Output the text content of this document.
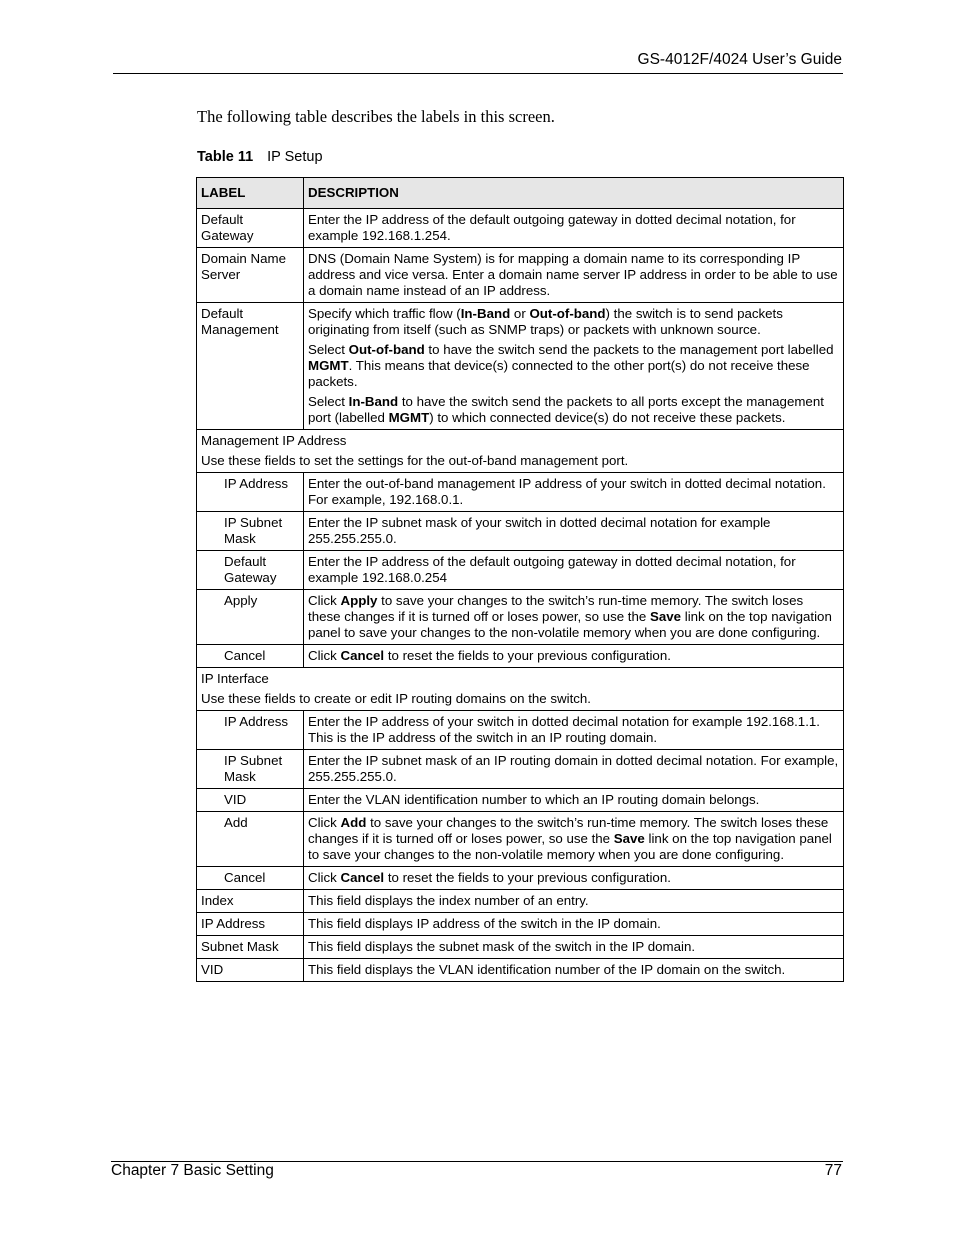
GS-4012F/4024 User’s Guide
The following table describes the labels in this screen.
Table 11 IP Setup
LABEL	DESCRIPTION
Default Gateway	Enter the IP address of the default outgoing gateway in dotted decimal notation, for example 192.168.1.254.
Domain Name Server	DNS (Domain Name System) is for mapping a domain name to its corresponding IP address and vice versa. Enter a domain name server IP address in order to be able to use a domain name instead of an IP address.
Default Management	Specify which traffic flow (In-Band or Out-of-band) the switch is to send packets originating from itself (such as SNMP traps) or packets with unknown source.

Select Out-of-band to have the switch send the packets to the management port labelled MGMT. This means that device(s) connected to the other port(s) do not receive these packets.

Select In-Band to have the switch send the packets to all ports except the management port (labelled MGMT) to which connected device(s) do not receive these packets.

Management IP Address

Use these fields to set the settings for the out-of-band management port.	

IP Address	Enter the out-of-band management IP address of your switch in dotted decimal notation. For example, 192.168.0.1.
IP Subnet Mask	Enter the IP subnet mask of your switch in dotted decimal notation for example 255.255.255.0.
Default Gateway	Enter the IP address of the default outgoing gateway in dotted decimal notation, for example 192.168.0.254
Apply	Click Apply to save your changes to the switch’s run-time memory. The switch loses these changes if it is turned off or loses power, so use the Save link on the top navigation panel to save your changes to the non-volatile memory when you are done configuring.
Cancel	Click Cancel to reset the fields to your previous configuration.

IP Interface

Use these fields to create or edit IP routing domains on the switch.	

IP Address	Enter the IP address of your switch in dotted decimal notation for example 192.168.1.1. This is the IP address of the switch in an IP routing domain.
IP Subnet Mask	Enter the IP subnet mask of an IP routing domain in dotted decimal notation. For example, 255.255.255.0.
VID	Enter the VLAN identification number to which an IP routing domain belongs.
Add	Click Add to save your changes to the switch’s run-time memory. The switch loses these changes if it is turned off or loses power, so use the Save link on the top navigation panel to save your changes to the non-volatile memory when you are done configuring.
Cancel	Click Cancel to reset the fields to your previous configuration.
Index	This field displays the index number of an entry.
IP Address	This field displays IP address of the switch in the IP domain.
Subnet Mask	This field displays the subnet mask of the switch in the IP domain.
VID	This field displays the VLAN identification number of the IP domain on the switch.
Chapter 7 Basic Setting	77
